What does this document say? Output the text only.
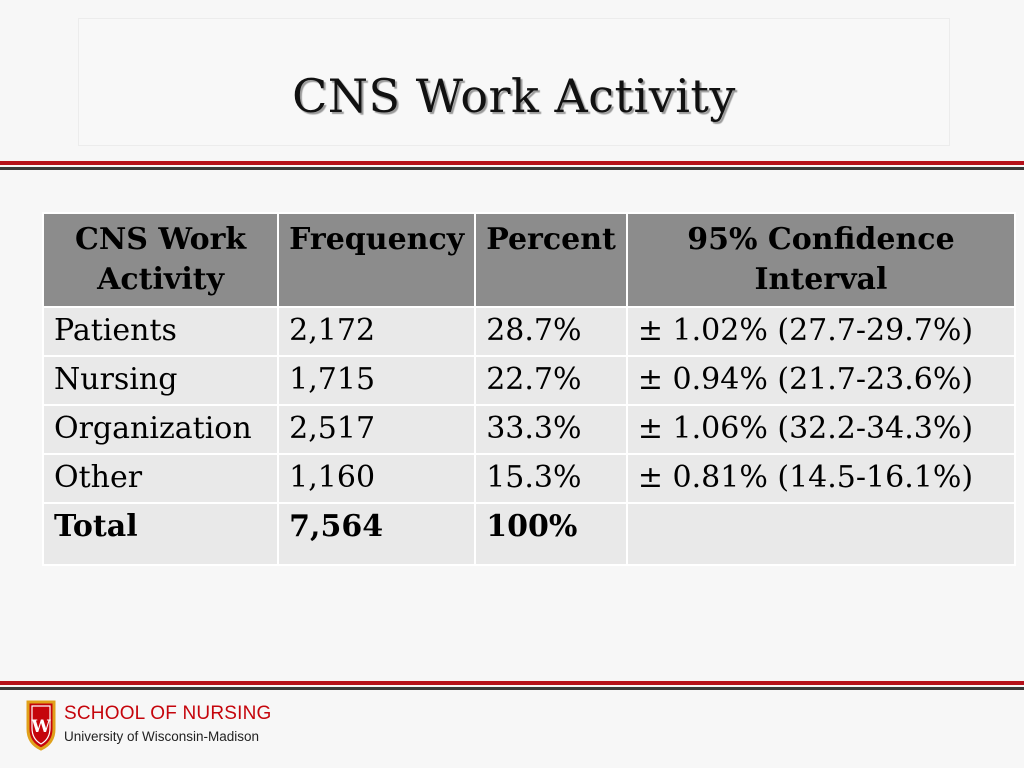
CNS Work Activity
CNS Work Activity	Frequency	Percent	95% Confidence Interval
Patients	2,172	28.7%	± 1.02% (27.7-29.7%)
Nursing	1,715	22.7%	± 0.94% (21.7-23.6%)
Organization	2,517	33.3%	± 1.06% (32.2-34.3%)
Other	1,160	15.3%	± 0.81% (14.5-16.1%)
Total	7,564	100%	
W
SCHOOL OF NURSING
University of Wisconsin-Madison
